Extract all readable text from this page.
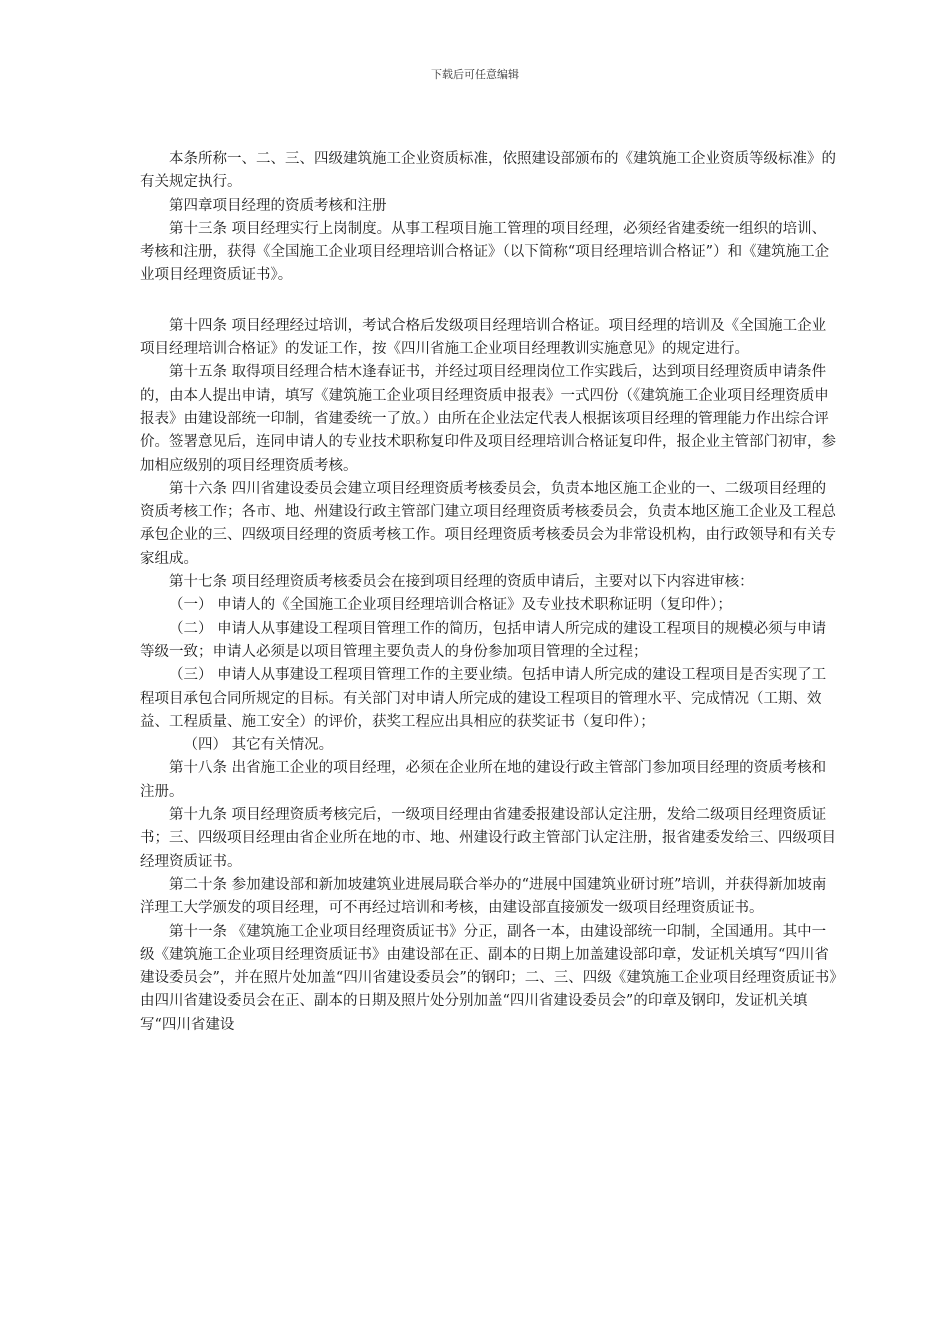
下载后可任意编辑

本条所称一、二、三、四级建筑施工企业资质标准，依照建设部颁布的《建筑施工企业资质等级标准》的有关规定执行。

第四章项目经理的资质考核和注册

第十三条 项目经理实行上岗制度。从事工程项目施工管理的项目经理，必须经省建委统一组织的培训、考核和注册，获得《全国施工企业项目经理培训合格证》（以下简称“项目经理培训合格证”）和《建筑施工企业项目经理资质证书》。

第十四条 项目经理经过培训，考试合格后发级项目经理培训合格证。项目经理的培训及《全国施工企业项目经理培训合格证》的发证工作，按《四川省施工企业项目经理教训实施意见》的规定进行。

第十五条 取得项目经理合桔木逢春证书，并经过项目经理岗位工作实践后，达到项目经理资质申请条件的，由本人提出申请，填写《建筑施工企业项目经理资质申报表》一式四份（《建筑施工企业项目经理资质申报表》由建设部统一印制，省建委统一了放。）由所在企业法定代表人根据该项目经理的管理能力作出综合评价。签署意见后，连同申请人的专业技术职称复印件及项目经理培训合格证复印件，报企业主管部门初审，参加相应级别的项目经理资质考核。

第十六条 四川省建设委员会建立项目经理资质考核委员会，负责本地区施工企业的一、二级项目经理的资质考核工作；各市、地、州建设行政主管部门建立项目经理资质考核委员会，负责本地区施工企业及工程总承包企业的三、四级项目经理的资质考核工作。项目经理资质考核委员会为非常设机构，由行政领导和有关专家组成。

第十七条 项目经理资质考核委员会在接到项目经理的资质申请后，主要对以下内容进审核：

（一） 申请人的《全国施工企业项目经理培训合格证》及专业技术职称证明（复印件）；

（二） 申请人从事建设工程项目管理工作的简历，包括申请人所完成的建设工程项目的规模必须与申请等级一致；申请人必须是以项目管理主要负责人的身份参加项目管理的全过程；

（三） 申请人从事建设工程项目管理工作的主要业绩。包括申请人所完成的建设工程项目是否实现了工程项目承包合同所规定的目标。有关部门对申请人所完成的建设工程项目的管理水平、完成情况（工期、效益、工程质量、施工安全）的评价，获奖工程应出具相应的获奖证书（复印件）；

（四） 其它有关情况。

第十八条 出省施工企业的项目经理，必须在企业所在地的建设行政主管部门参加项目经理的资质考核和注册。

第十九条 项目经理资质考核完后，一级项目经理由省建委报建设部认定注册，发给二级项目经理资质证书；三、四级项目经理由省企业所在地的市、地、州建设行政主管部门认定注册，报省建委发给三、四级项目经理资质证书。

第二十条 参加建设部和新加坡建筑业进展局联合举办的“进展中国建筑业研讨班”培训，并获得新加坡南洋理工大学颁发的项目经理，可不再经过培训和考核，由建设部直接颁发一级项目经理资质证书。

第十一条 《建筑施工企业项目经理资质证书》分正，副各一本，由建设部统一印制，全国通用。其中一级《建筑施工企业项目经理资质证书》由建设部在正、副本的日期上加盖建设部印章，发证机关填写“四川省建设委员会”，并在照片处加盖“四川省建设委员会”的钢印；二、三、四级《建筑施工企业项目经理资质证书》由四川省建设委员会在正、副本的日期及照片处分别加盖“四川省建设委员会”的印章及钢印，发证机关填写“四川省建设
